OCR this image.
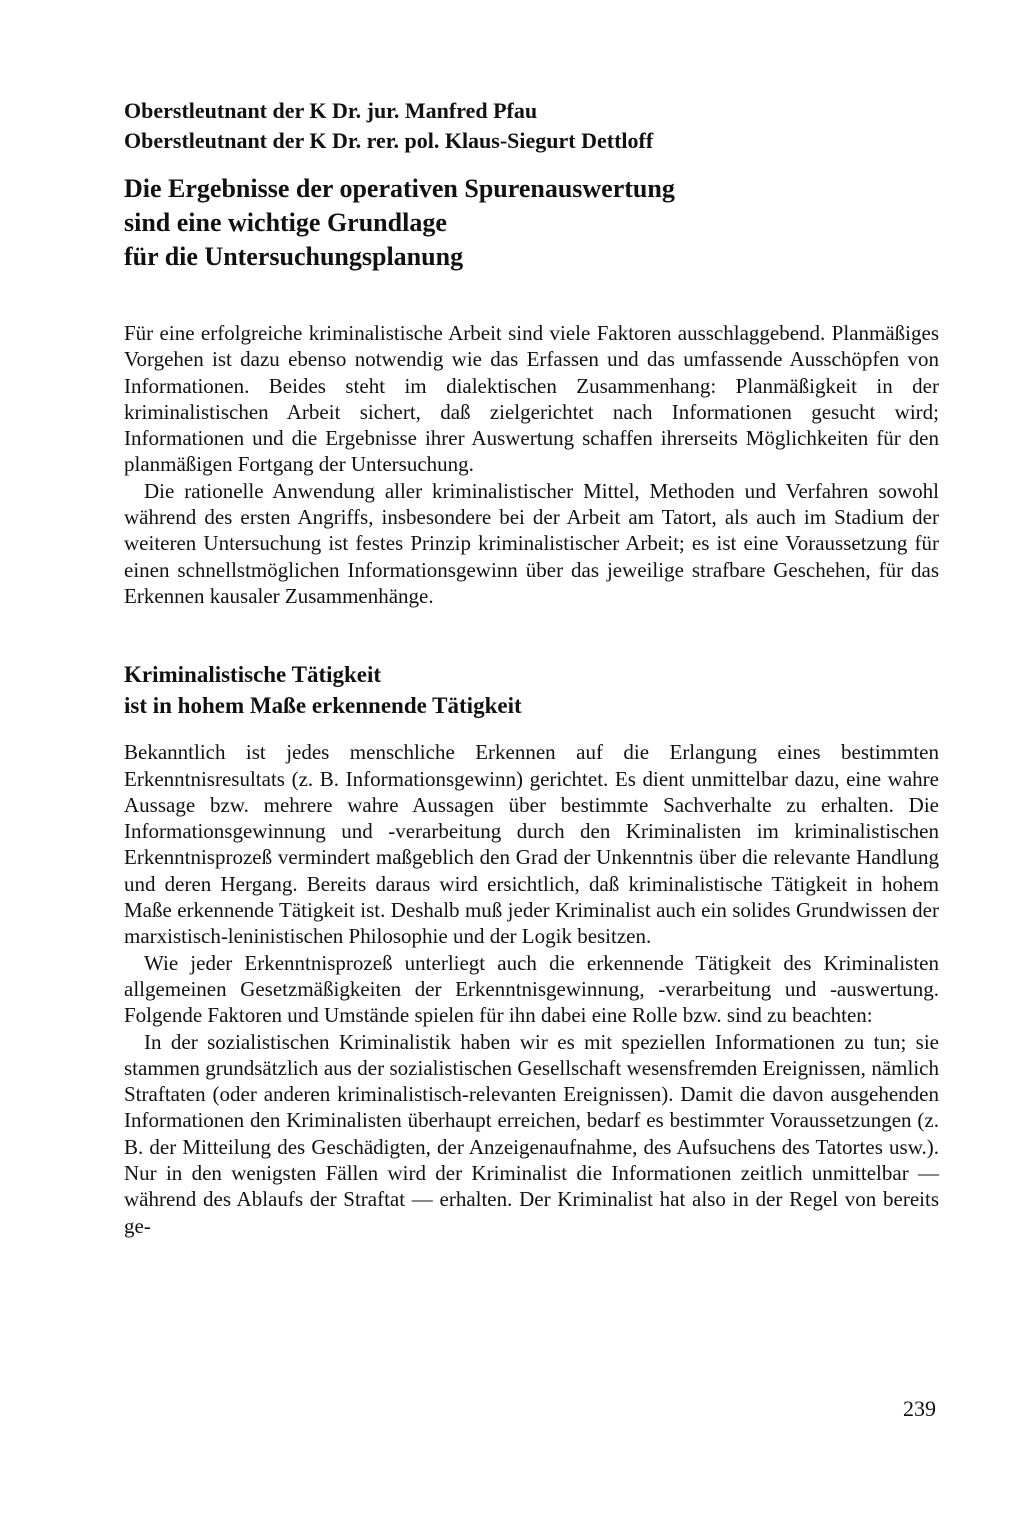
Oberstleutnant der K Dr. jur. Manfred Pfau
Oberstleutnant der K Dr. rer. pol. Klaus-Siegurt Dettloff
Die Ergebnisse der operativen Spurenauswertung
sind eine wichtige Grundlage
für die Untersuchungsplanung

Für eine erfolgreiche kriminalistische Arbeit sind viele Faktoren ausschlaggebend. Planmäßiges Vorgehen ist dazu ebenso notwendig wie das Erfassen und das umfassende Ausschöpfen von Informationen. Beides steht im dialektischen Zusammenhang: Planmäßigkeit in der kriminalistischen Arbeit sichert, daß zielgerichtet nach Informationen gesucht wird; Informationen und die Ergebnisse ihrer Auswertung schaffen ihrerseits Möglichkeiten für den planmäßigen Fortgang der Untersuchung.

Die rationelle Anwendung aller kriminalistischer Mittel, Methoden und Verfahren sowohl während des ersten Angriffs, insbesondere bei der Arbeit am Tatort, als auch im Stadium der weiteren Untersuchung ist festes Prinzip kriminalistischer Arbeit; es ist eine Voraussetzung für einen schnellstmöglichen Informationsgewinn über das jeweilige strafbare Geschehen, für das Erkennen kausaler Zusammenhänge.

Kriminalistische Tätigkeit
ist in hohem Maße erkennende Tätigkeit

Bekanntlich ist jedes menschliche Erkennen auf die Erlangung eines bestimmten Erkenntnisresultats (z. B. Informationsgewinn) gerichtet. Es dient unmittelbar dazu, eine wahre Aussage bzw. mehrere wahre Aussagen über bestimmte Sachverhalte zu erhalten. Die Informationsgewinnung und -verarbeitung durch den Kriminalisten im kriminalistischen Erkenntnisprozeß vermindert maßgeblich den Grad der Unkenntnis über die relevante Handlung und deren Hergang. Bereits daraus wird ersichtlich, daß kriminalistische Tätigkeit in hohem Maße erkennende Tätigkeit ist. Deshalb muß jeder Kriminalist auch ein solides Grundwissen der marxistisch-leninistischen Philosophie und der Logik besitzen.

Wie jeder Erkenntnisprozeß unterliegt auch die erkennende Tätigkeit des Kriminalisten allgemeinen Gesetzmäßigkeiten der Erkenntnisgewinnung, -verarbeitung und -auswertung. Folgende Faktoren und Umstände spielen für ihn dabei eine Rolle bzw. sind zu beachten:

In der sozialistischen Kriminalistik haben wir es mit speziellen Informationen zu tun; sie stammen grundsätzlich aus der sozialistischen Gesellschaft wesensfremden Ereignissen, nämlich Straftaten (oder anderen kriminalistisch-relevanten Ereignissen). Damit die davon ausgehenden Informationen den Kriminalisten überhaupt erreichen, bedarf es bestimmter Voraussetzungen (z. B. der Mitteilung des Geschädigten, der Anzeigenaufnahme, des Aufsuchens des Tatortes usw.). Nur in den wenigsten Fällen wird der Kriminalist die Informationen zeitlich unmittelbar — während des Ablaufs der Straftat — erhalten. Der Kriminalist hat also in der Regel von bereits ge-

239
